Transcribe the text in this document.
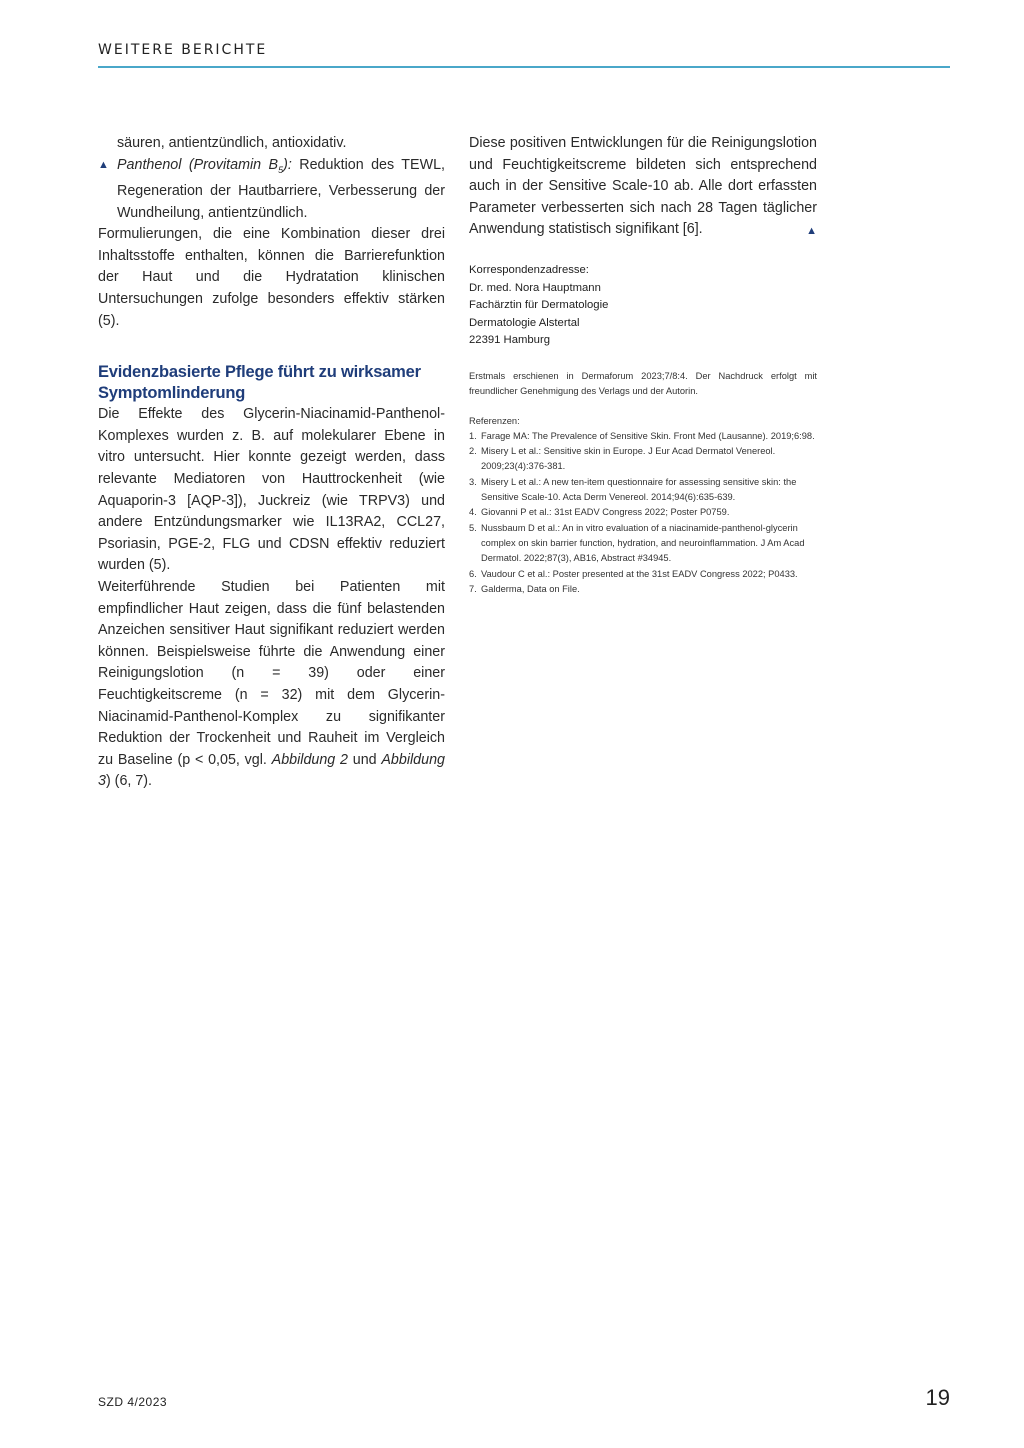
WEITERE BERICHTE

säuren, antientzündlich, antioxidativ.

▲ Panthenol (Provitamin $B_5$): Reduktion des TEWL, Regeneration der Hautbarriere, Verbesserung der Wundheilung, antientzündlich.

Formulierungen, die eine Kombination dieser drei Inhaltsstoffe enthalten, können die Barrierefunktion der Haut und die Hydratation klinischen Untersuchungen zufolge besonders effektiv stärken (5).

Evidenzbasierte Pflege führt zu wirksamer Symptomlinderung

Die Effekte des Glycerin-Niacinamid-Panthenol-Komplexes wurden z. B. auf molekularer Ebene in vitro untersucht. Hier konnte gezeigt werden, dass relevante Mediatoren von Hauttrockenheit (wie Aquaporin-3 [AQP-3]), Juckreiz (wie TRPV3) und andere Entzündungsmarker wie IL13RA2, CCL27, Psoriasin, PGE-2, FLG und CDSN effektiv reduziert wurden (5).

Weiterführende Studien bei Patienten mit empfindlicher Haut zeigen, dass die fünf belastenden Anzeichen sensitiver Haut signifikant reduziert werden können. Beispielsweise führte die Anwendung einer Reinigungslotion (n = 39) oder einer Feuchtigkeitscreme (n = 32) mit dem Glycerin-Niacinamid-Panthenol-Komplex zu signifikanter Reduktion der Trockenheit und Rauheit im Vergleich zu Baseline (p < 0,05, vgl. Abbildung 2 und Abbildung 3) (6, 7).

Diese positiven Entwicklungen für die Reinigungslotion und Feuchtigkeitscreme bildeten sich entsprechend auch in der Sensitive Scale-10 ab. Alle dort erfassten Parameter verbesserten sich nach 28 Tagen täglicher Anwendung statistisch signifikant [6].	▲

Korrespondenzadresse:

Dr. med. Nora Hauptmann

Fachärztin für Dermatologie

Dermatologie Alstertal

22391 Hamburg

Erstmals erschienen in Dermaforum 2023;7/8:4. Der Nachdruck erfolgt mit freundlicher Genehmigung des Verlags und der Autorin.

Referenzen:

1. Farage MA: The Prevalence of Sensitive Skin. Front Med (Lausanne). 2019;6:98.
2. Misery L et al.: Sensitive skin in Europe. J Eur Acad Dermatol Venereol. 2009;23(4):376-381.
3. Misery L et al.: A new ten-item questionnaire for assessing sensitive skin: the Sensitive Scale-10. Acta Derm Venereol. 2014;94(6):635-639.
4. Giovanni P et al.: 31st EADV Congress 2022; Poster P0759.
5. Nussbaum D et al.: An in vitro evaluation of a niacinamide-panthenol-glycerin complex on skin barrier function, hydration, and neuroinflammation. J Am Acad Dermatol. 2022;87(3), AB16, Abstract #34945.
6. Vaudour C et al.: Poster presented at the 31st EADV Congress 2022; P0433.
7. Galderma, Data on File.
SZD 4/2023	19
